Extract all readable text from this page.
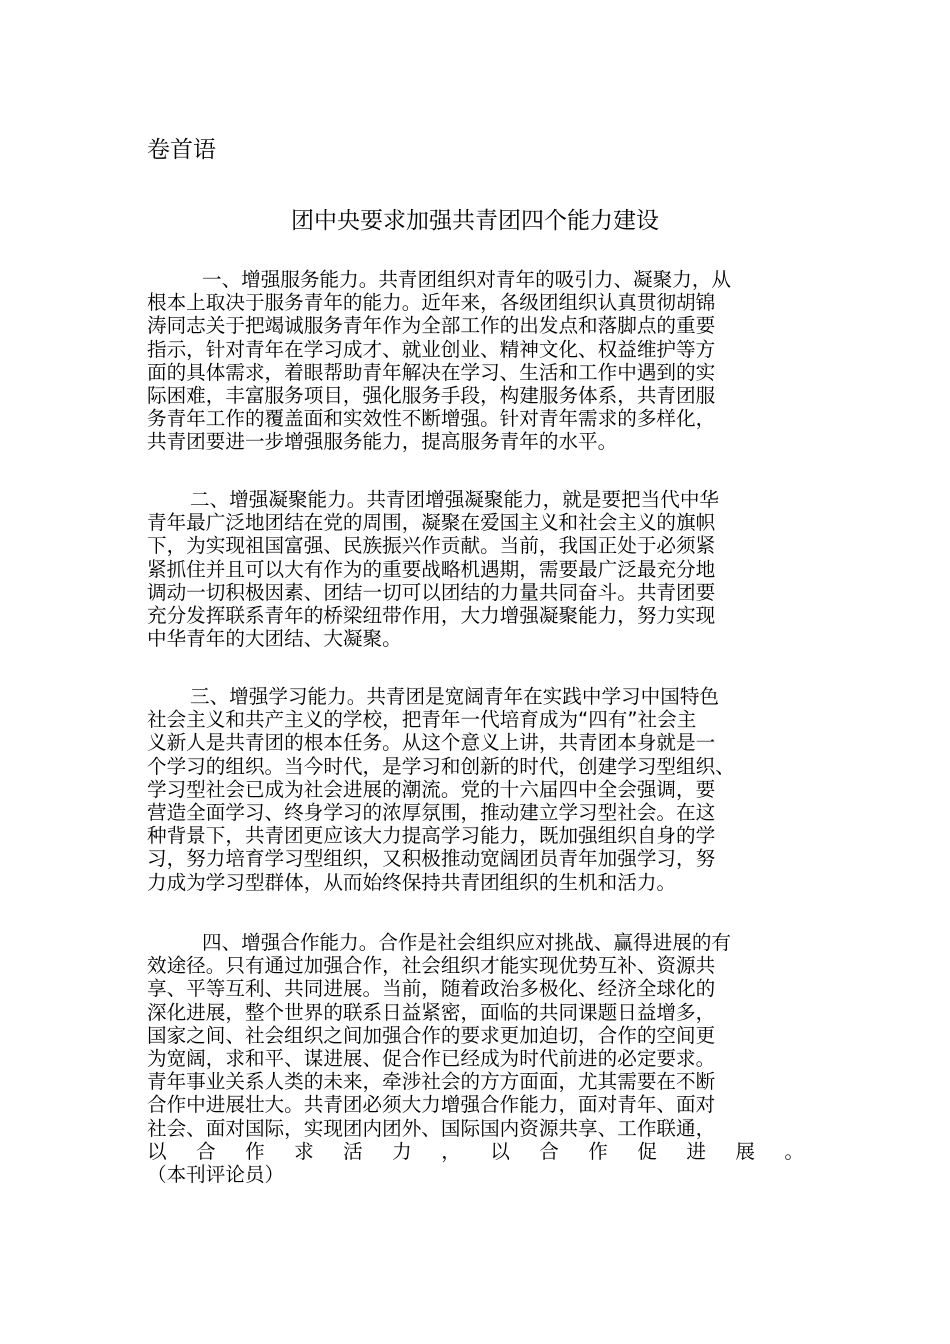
卷首语
团中央要求加强共青团四个能力建设
一、增强服务能力。共青团组织对青年的吸引力、凝聚力，从
根本上取决于服务青年的能力。近年来，各级团组织认真贯彻胡锦
涛同志关于把竭诚服务青年作为全部工作的出发点和落脚点的重要
指示，针对青年在学习成才、就业创业、精神文化、权益维护等方
面的具体需求，着眼帮助青年解决在学习、生活和工作中遇到的实
际困难，丰富服务项目，强化服务手段，构建服务体系，共青团服
务青年工作的覆盖面和实效性不断增强。针对青年需求的多样化，
共青团要进一步增强服务能力，提高服务青年的水平。
二、增强凝聚能力。共青团增强凝聚能力，就是要把当代中华
青年最广泛地团结在党的周围，凝聚在爱国主义和社会主义的旗帜
下，为实现祖国富强、民族振兴作贡献。当前，我国正处于必须紧
紧抓住并且可以大有作为的重要战略机遇期，需要最广泛最充分地
调动一切积极因素、团结一切可以团结的力量共同奋斗。共青团要
充分发挥联系青年的桥梁纽带作用，大力增强凝聚能力，努力实现
中华青年的大团结、大凝聚。
三、增强学习能力。共青团是宽阔青年在实践中学习中国特色
社会主义和共产主义的学校，把青年一代培育成为“四有”社会主
义新人是共青团的根本任务。从这个意义上讲，共青团本身就是一
个学习的组织。当今时代，是学习和创新的时代，创建学习型组织、
学习型社会已成为社会进展的潮流。党的十六届四中全会强调，要
营造全面学习、终身学习的浓厚氛围，推动建立学习型社会。在这
种背景下，共青团更应该大力提高学习能力，既加强组织自身的学
习，努力培育学习型组织，又积极推动宽阔团员青年加强学习，努
力成为学习型群体，从而始终保持共青团组织的生机和活力。
四、增强合作能力。合作是社会组织应对挑战、赢得进展的有
效途径。只有通过加强合作，社会组织才能实现优势互补、资源共
享、平等互利、共同进展。当前，随着政治多极化、经济全球化的
深化进展，整个世界的联系日益紧密，面临的共同课题日益增多，
国家之间、社会组织之间加强合作的要求更加迫切，合作的空间更
为宽阔，求和平、谋进展、促合作已经成为时代前进的必定要求。
青年事业关系人类的未来，牵涉社会的方方面面，尤其需要在不断
合作中进展壮大。共青团必须大力增强合作能力，面对青年、面对
社会、面对国际，实现团内团外、国际国内资源共享、工作联通，
以 合 作 求 活 力 ， 以 合 作 促 进 展 。
（本刊评论员）
